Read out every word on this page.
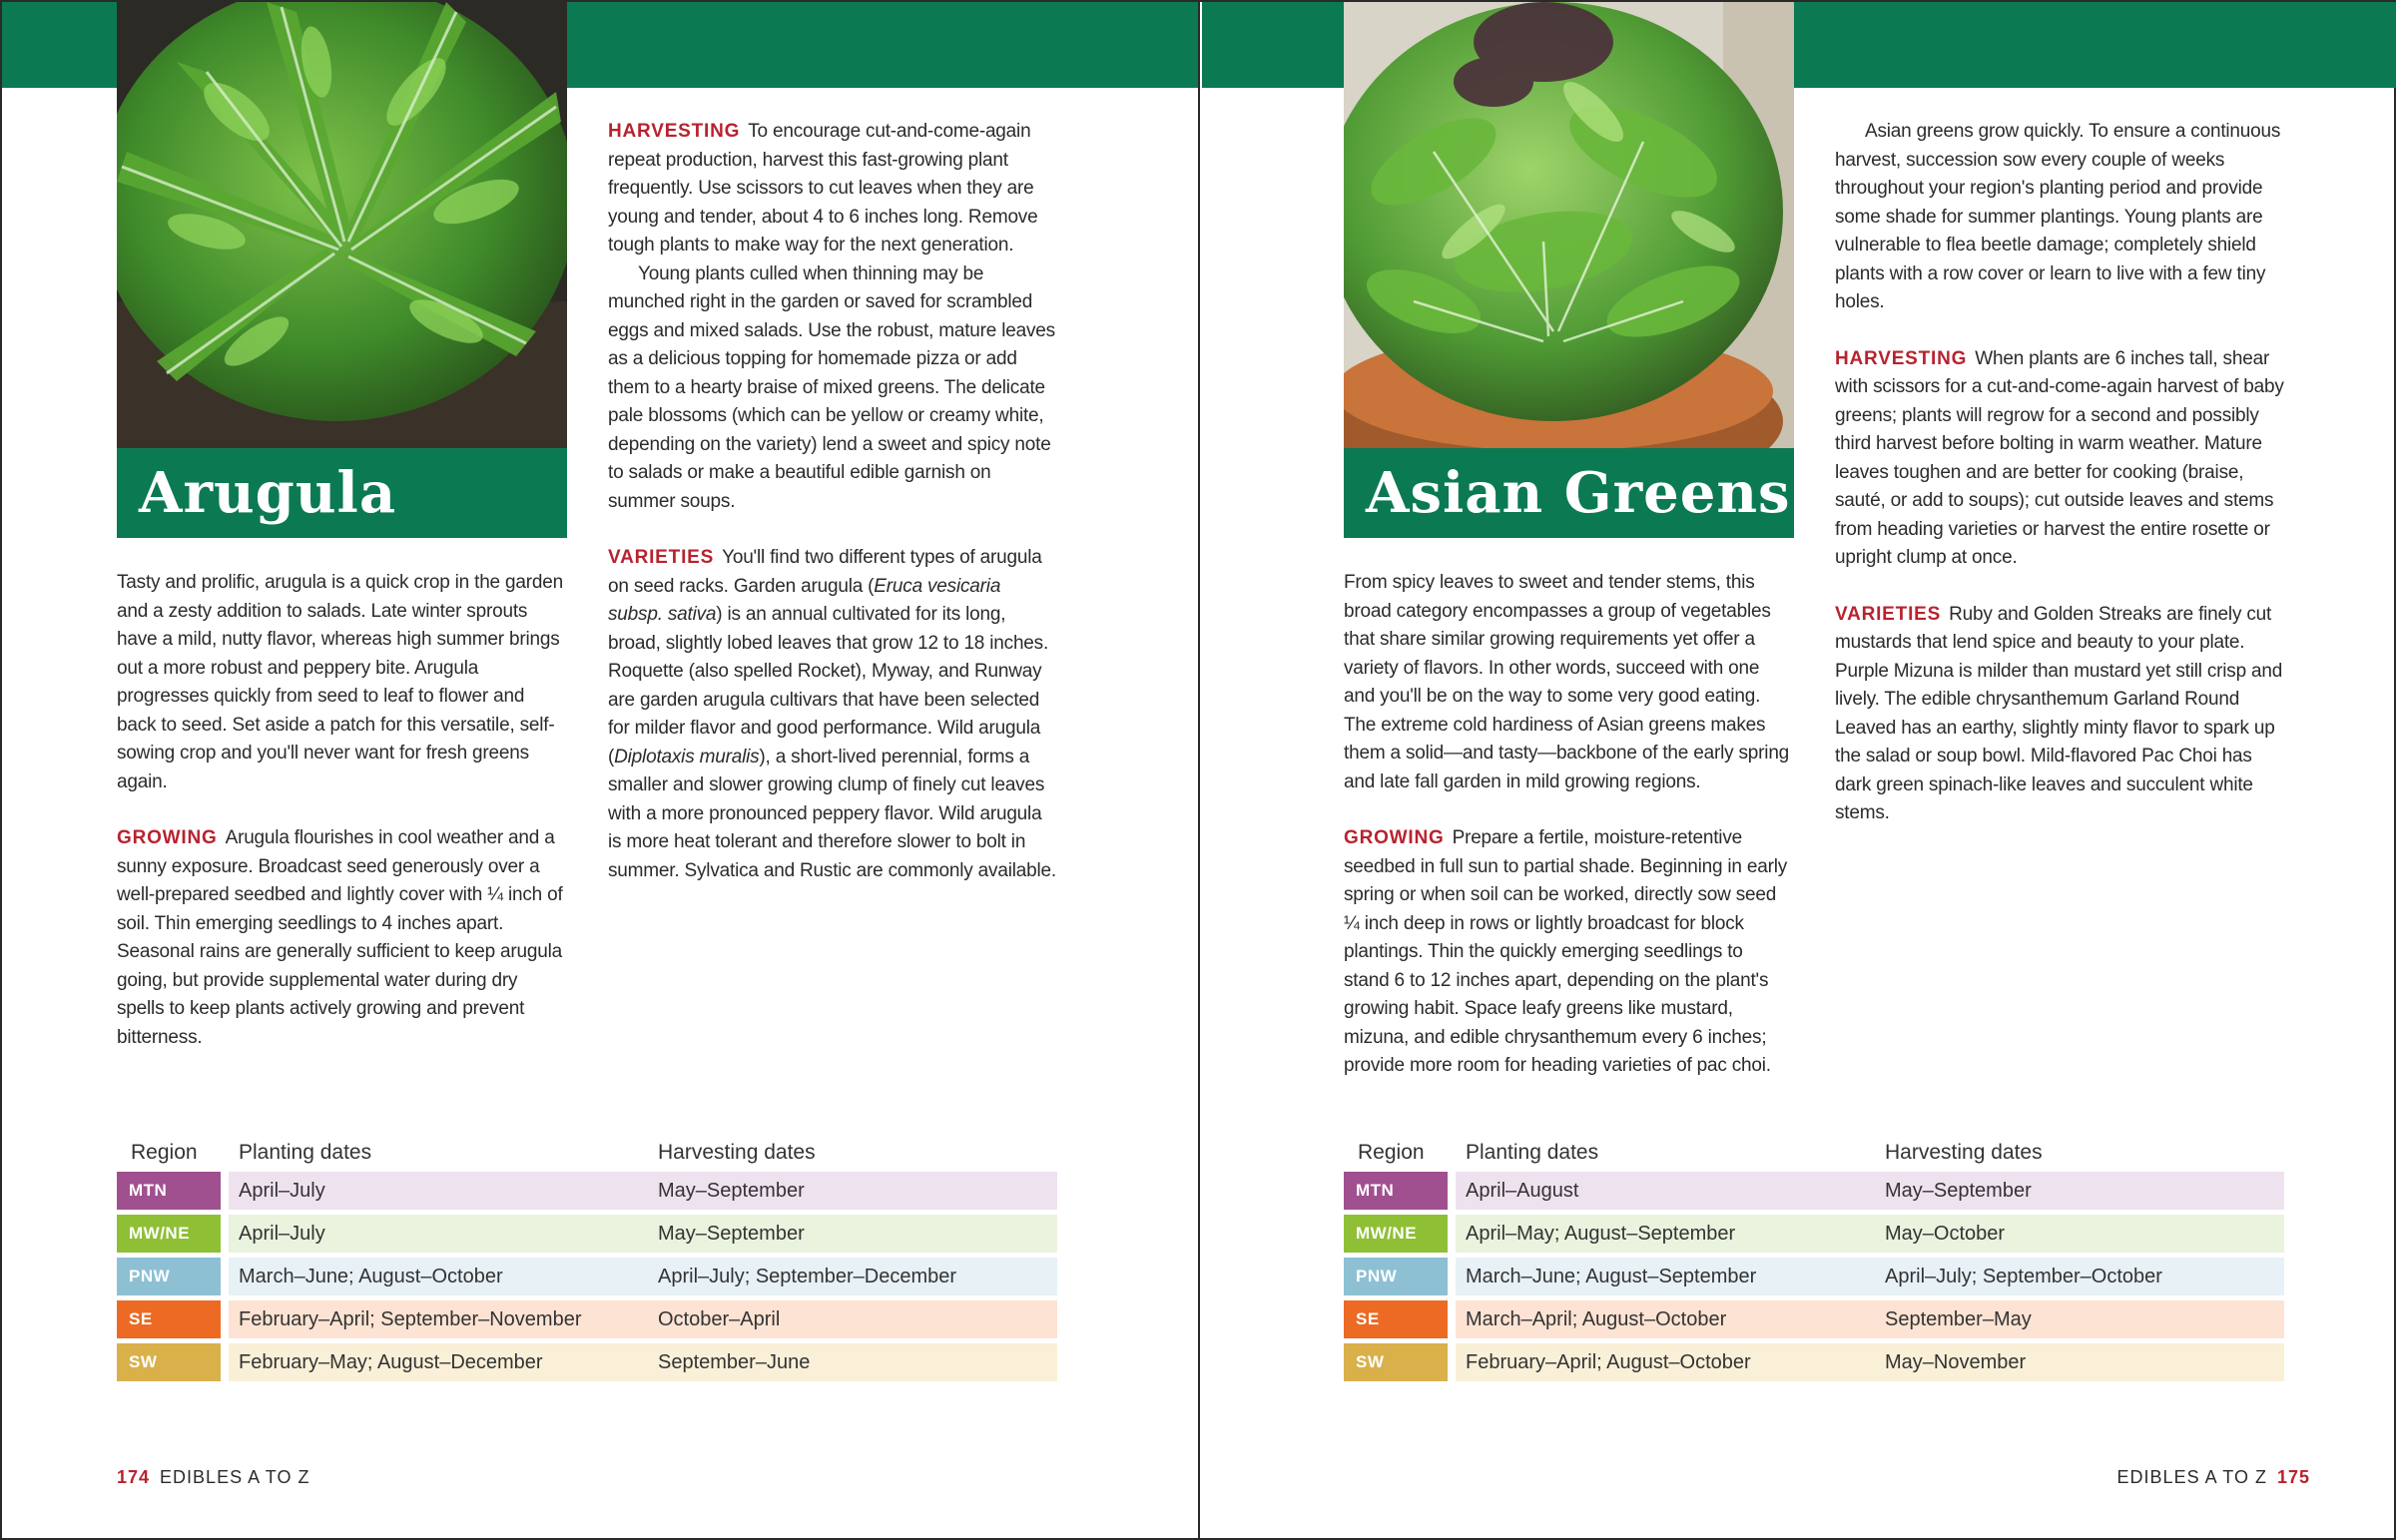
Arugula

Tasty and prolific, arugula is a quick crop in the garden and a zesty addition to salads. Late winter sprouts have a mild, nutty flavor, whereas high summer brings out a more robust and peppery bite. Arugula progresses quickly from seed to leaf to flower and back to seed. Set aside a patch for this versatile, self-sowing crop and you'll never want for fresh greens again.

GROWING Arugula flourishes in cool weather and a sunny exposure. Broadcast seed generously over a well-prepared seedbed and lightly cover with ¼ inch of soil. Thin emerging seedlings to 4 inches apart. Seasonal rains are generally sufficient to keep arugula going, but provide supplemental water during dry spells to keep plants actively growing and prevent bitterness.

HARVESTING To encourage cut-and-come-again repeat production, harvest this fast-growing plant frequently. Use scissors to cut leaves when they are young and tender, about 4 to 6 inches long. Remove tough plants to make way for the next generation.

Young plants culled when thinning may be munched right in the garden or saved for scrambled eggs and mixed salads. Use the robust, mature leaves as a delicious topping for homemade pizza or add them to a hearty braise of mixed greens. The delicate pale blossoms (which can be yellow or creamy white, depending on the variety) lend a sweet and spicy note to salads or make a beautiful edible garnish on summer soups.

VARIETIES You'll find two different types of arugula on seed racks. Garden arugula (Eruca vesicaria subsp. sativa) is an annual cultivated for its long, broad, slightly lobed leaves that grow 12 to 18 inches. Roquette (also spelled Rocket), Myway, and Runway are garden arugula cultivars that have been selected for milder flavor and good performance. Wild arugula (Diplotaxis muralis), a short-lived perennial, forms a smaller and slower growing clump of finely cut leaves with a more pronounced peppery flavor. Wild arugula is more heat tolerant and therefore slower to bolt in summer. Sylvatica and Rustic are commonly available.

Region		Planting dates	Harvesting dates
MTN		April–July	May–September
MW/NE		April–July	May–September
PNW		March–June; August–October	April–July; September–December
SE		February–April; September–November	October–April
SW		February–May; August–December	September–June
174 EDIBLES A TO Z
Asian Greens

From spicy leaves to sweet and tender stems, this broad category encompasses a group of vegetables that share similar growing requirements yet offer a variety of flavors. In other words, succeed with one and you'll be on the way to some very good eating. The extreme cold hardiness of Asian greens makes them a solid—and tasty—backbone of the early spring and late fall garden in mild growing regions.

GROWING Prepare a fertile, moisture-retentive seedbed in full sun to partial shade. Beginning in early spring or when soil can be worked, directly sow seed ¼ inch deep in rows or lightly broadcast for block plantings. Thin the quickly emerging seedlings to stand 6 to 12 inches apart, depending on the plant's growing habit. Space leafy greens like mustard, mizuna, and edible chrysanthemum every 6 inches; provide more room for heading varieties of pac choi.

Asian greens grow quickly. To ensure a continuous harvest, succession sow every couple of weeks throughout your region's planting period and provide some shade for summer plantings. Young plants are vulnerable to flea beetle damage; completely shield plants with a row cover or learn to live with a few tiny holes.

HARVESTING When plants are 6 inches tall, shear with scissors for a cut-and-come-again harvest of baby greens; plants will regrow for a second and possibly third harvest before bolting in warm weather. Mature leaves toughen and are better for cooking (braise, sauté, or add to soups); cut outside leaves and stems from heading varieties or harvest the entire rosette or upright clump at once.

VARIETIES Ruby and Golden Streaks are finely cut mustards that lend spice and beauty to your plate. Purple Mizuna is milder than mustard yet still crisp and lively. The edible chrysanthemum Garland Round Leaved has an earthy, slightly minty flavor to spark up the salad or soup bowl. Mild-flavored Pac Choi has dark green spinach-like leaves and succulent white stems.

Region		Planting dates	Harvesting dates
MTN		April–August	May–September
MW/NE		April–May; August–September	May–October
PNW		March–June; August–September	April–July; September–October
SE		March–April; August–October	September–May
SW		February–April; August–October	May–November
EDIBLES A TO Z 175
